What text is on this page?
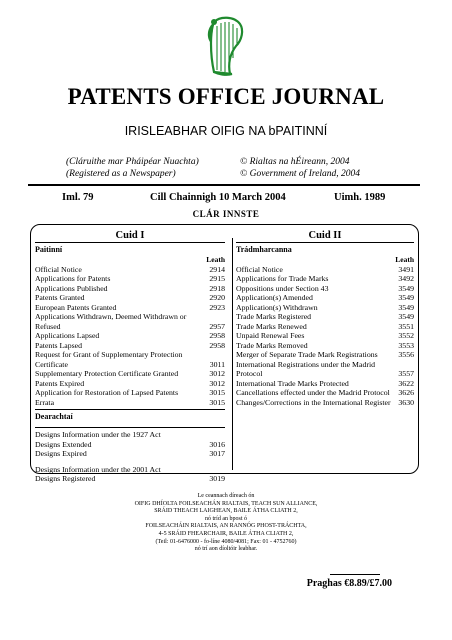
PATENTS OFFICE JOURNAL
IRISLEABHAR OIFIG NA bPAITINNÍ
(Cláruithe mar Pháipéar Nuachta)
(Registered as a Newspaper)
© Rialtas na hÉireann, 2004
© Government of Ireland, 2004
Iml. 79	Cill Chainnigh 10 March 2004	Uimh. 1989
CLÁR INNSTE
Cuid I
Paitinní
Leath
Official Notice	2914
Applications for Patents	2915
Applications Published	2918
Patents Granted	2920
European Patents Granted	2923
Applications Withdrawn, Deemed Withdrawn or Refused	2957
Applications Lapsed	2958
Patents Lapsed	2958
Request for Grant of Supplementary Protection Certificate	3011
Supplementary Protection Certificate Granted	3012
Patents Expired	3012
Application for Restoration of Lapsed Patents	3015
Errata	3015
Dearachtaí
Designs Information under the 1927 Act
Designs Extended	3016
Designs Expired	3017
Designs Information under the 2001 Act
Designs Registered	3019
Cuid II
Trádmharcanna
Leath
Official Notice	3491
Applications for Trade Marks	3492
Oppositions under Section 43	3549
Application(s) Amended	3549
Application(s) Withdrawn	3549
Trade Marks Registered	3549
Trade Marks Renewed	3551
Unpaid Renewal Fees	3552
Trade Marks Removed	3553
Merger of Separate Trade Mark Registrations	3556
International Registrations under the Madrid Protocol	3557
International Trade Marks Protected	3622
Cancellations effected under the Madrid Protocol	3626
Changes/Corrections in the International Register 3630
Le ceannach díreach ón
OIFIG DHÍOLTA FOILSEACHÁN RIALTAIS, TEACH SUN ALLIANCE,
SRÁID THEACH LAIGHEAN, BAILE ÁTHA CLIATH 2,
nó tríd an bpost ó
FOILSEACHÁIN RIALTAIS, AN RANNÓG PHOST-TRÁCHTA,
4-5 SRÁID FHEARCHAIR, BAILE ÁTHA CLIATH 2,
(Teil: 01-6476000 - fo-líne 4080/4081; Fax: 01 - 4752760)
nó trí aon díoltóir leabhar.
Praghas €8.89/£7.00
